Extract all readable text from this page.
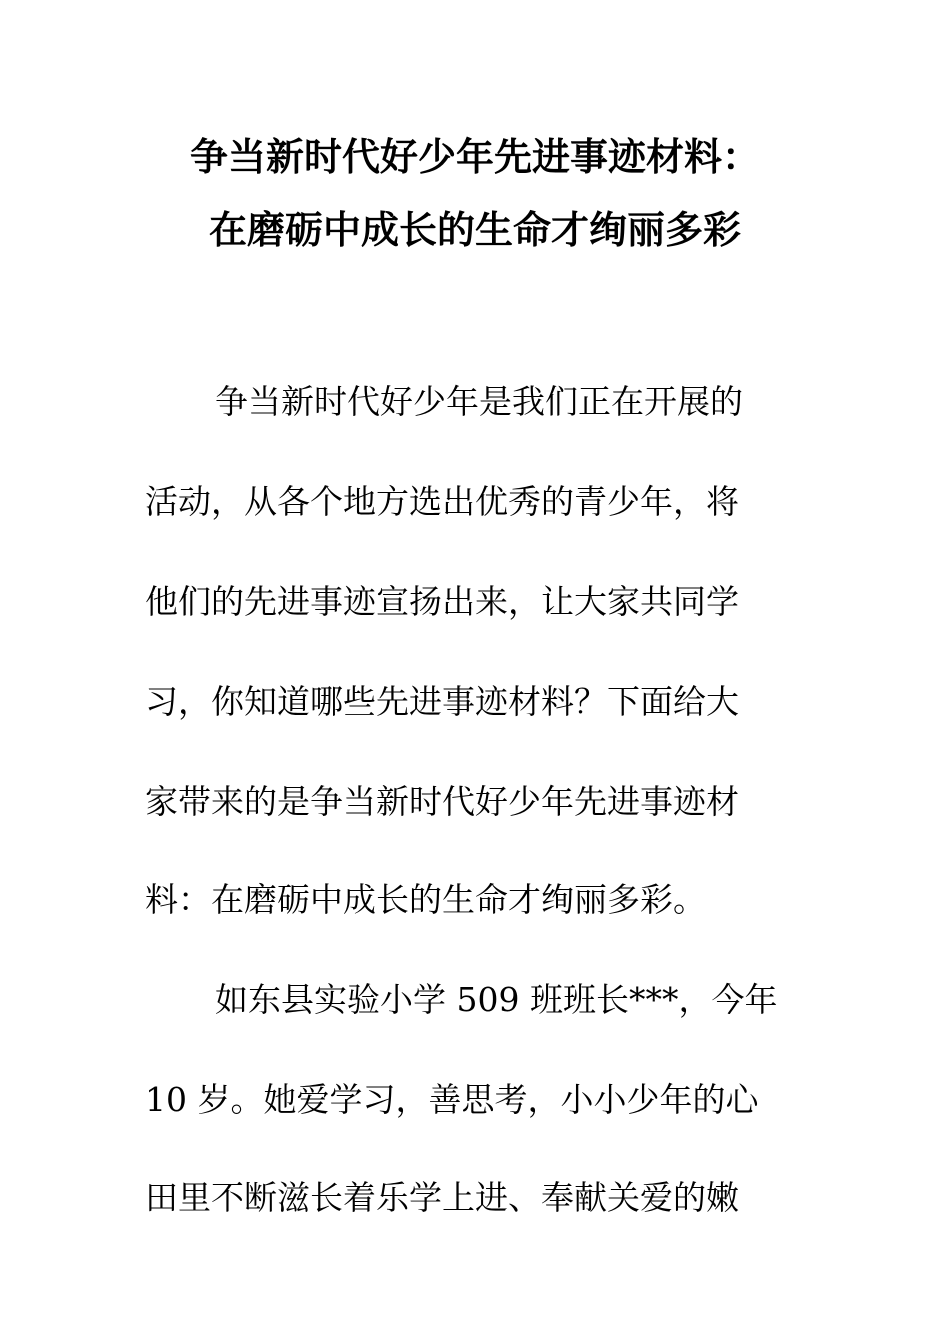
争当新时代好少年先进事迹材料：
在磨砺中成长的生命才绚丽多彩
争当新时代好少年是我们正在开展的
活动，从各个地方选出优秀的青少年，将
他们的先进事迹宣扬出来，让大家共同学
习，你知道哪些先进事迹材料？下面给大
家带来的是争当新时代好少年先进事迹材
料：在磨砺中成长的生命才绚丽多彩。
如东县实验小学 509 班班长***，今年
10 岁。她爱学习，善思考，小小少年的心
田里不断滋长着乐学上进、奉献关爱的嫩
